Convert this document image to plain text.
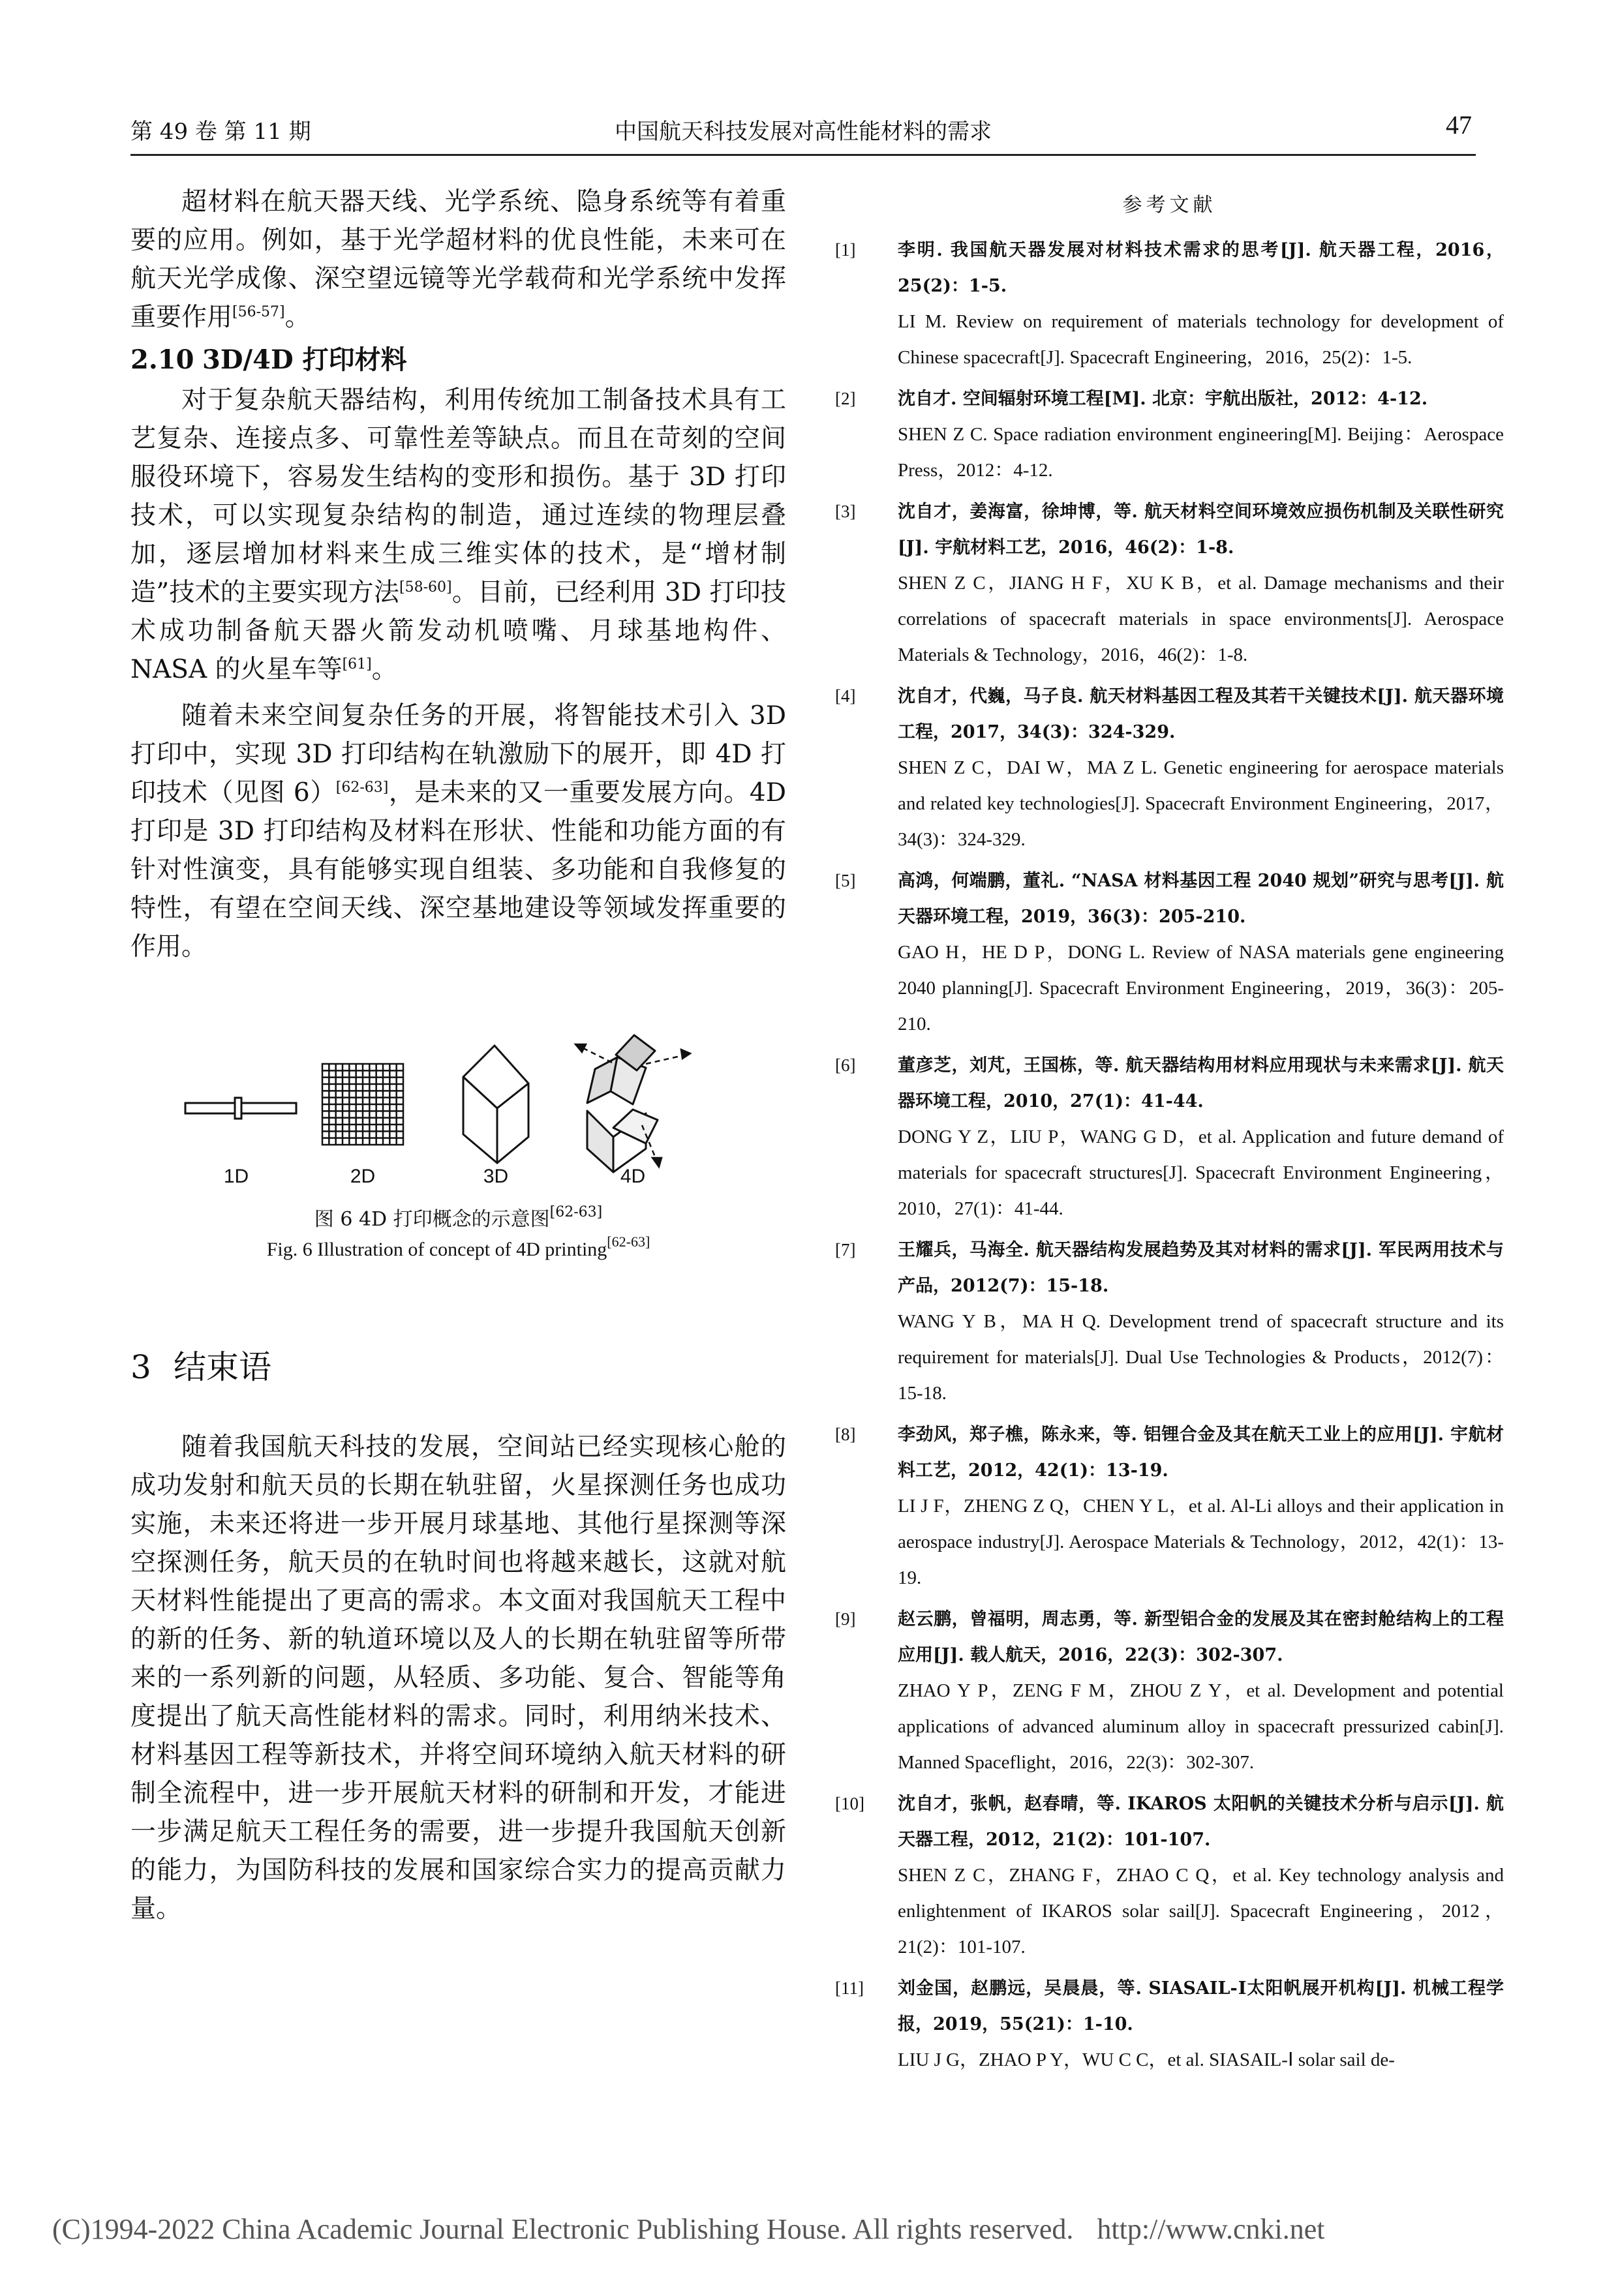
第 49 卷 第 11 期	中国航天科技发展对高性能材料的需求	47

超材料在航天器天线、光学系统、隐身系统等有着重要的应用。例如，基于光学超材料的优良性能，未来可在航天光学成像、深空望远镜等光学载荷和光学系统中发挥重要作用[56-57]。

2.10 3D/4D 打印材料

对于复杂航天器结构，利用传统加工制备技术具有工艺复杂、连接点多、可靠性差等缺点。而且在苛刻的空间服役环境下，容易发生结构的变形和损伤。基于 3D 打印技术，可以实现复杂结构的制造，通过连续的物理层叠加，逐层增加材料来生成三维实体的技术，是“增材制造”技术的主要实现方法[58-60]。目前，已经利用 3D 打印技术成功制备航天器火箭发动机喷嘴、月球基地构件、NASA 的火星车等[61]。

随着未来空间复杂任务的开展，将智能技术引入 3D 打印中，实现 3D 打印结构在轨激励下的展开，即 4D 打印技术（见图 6）[62-63]，是未来的又一重要发展方向。4D 打印是 3D 打印结构及材料在形状、性能和功能方面的有针对性演变，具有能够实现自组装、多功能和自我修复的特性，有望在空间天线、深空基地建设等领域发挥重要的作用。

1D	2D	3D	4D
图 6 4D 打印概念的示意图[62-63]
Fig. 6 Illustration of concept of 4D printing[62-63]

3 结束语

随着我国航天科技的发展，空间站已经实现核心舱的成功发射和航天员的长期在轨驻留，火星探测任务也成功实施，未来还将进一步开展月球基地、其他行星探测等深空探测任务，航天员的在轨时间也将越来越长，这就对航天材料性能提出了更高的需求。本文面对我国航天工程中的新的任务、新的轨道环境以及人的长期在轨驻留等所带来的一系列新的问题，从轻质、多功能、复合、智能等角度提出了航天高性能材料的需求。同时，利用纳米技术、材料基因工程等新技术，并将空间环境纳入航天材料的研制全流程中，进一步开展航天材料的研制和开发，才能进一步满足航天工程任务的需要，进一步提升我国航天创新的能力，为国防科技的发展和国家综合实力的提高贡献力量。

参考文献
[1] 李明. 我国航天器发展对材料技术需求的思考[J]. 航天器工程，2016，25(2)：1-5.
LI M. Review on requirement of materials technology for development of Chinese spacecraft[J]. Spacecraft Engineering，2016，25(2)：1-5.
[2] 沈自才. 空间辐射环境工程[M]. 北京：宇航出版社，2012：4-12.
SHEN Z C. Space radiation environment engineering[M]. Beijing：Aerospace Press，2012：4-12.
[3] 沈自才，姜海富，徐坤博，等. 航天材料空间环境效应损伤机制及关联性研究[J]. 宇航材料工艺，2016，46(2)：1-8.
SHEN Z C，JIANG H F，XU K B，et al. Damage mechanisms and their correlations of spacecraft materials in space environments[J]. Aerospace Materials & Technology，2016，46(2)：1-8.
[4] 沈自才，代巍，马子良. 航天材料基因工程及其若干关键技术[J]. 航天器环境工程，2017，34(3)：324-329.
SHEN Z C，DAI W，MA Z L. Genetic engineering for aerospace materials and related key technologies[J]. Spacecraft Environment Engineering，2017，34(3)：324-329.
[5] 高鸿，何端鹏，董礼. “NASA 材料基因工程 2040 规划”研究与思考[J]. 航天器环境工程，2019，36(3)：205-210.
GAO H，HE D P，DONG L. Review of NASA materials gene engineering 2040 planning[J]. Spacecraft Environment Engineering，2019，36(3)：205-210.
[6] 董彦芝，刘芃，王国栋，等. 航天器结构用材料应用现状与未来需求[J]. 航天器环境工程，2010，27(1)：41-44.
DONG Y Z，LIU P，WANG G D，et al. Application and future demand of materials for spacecraft structures[J]. Spacecraft Environment Engineering，2010，27(1)：41-44.
[7] 王耀兵，马海全. 航天器结构发展趋势及其对材料的需求[J]. 军民两用技术与产品，2012(7)：15-18.
WANG Y B，MA H Q. Development trend of spacecraft structure and its requirement for materials[J]. Dual Use Technologies & Products，2012(7)：15-18.
[8] 李劲风，郑子樵，陈永来，等. 铝锂合金及其在航天工业上的应用[J]. 宇航材料工艺，2012，42(1)：13-19.
LI J F，ZHENG Z Q，CHEN Y L，et al. Al-Li alloys and their application in aerospace industry[J]. Aerospace Materials & Technology，2012，42(1)：13-19.
[9] 赵云鹏，曾福明，周志勇，等. 新型铝合金的发展及其在密封舱结构上的工程应用[J]. 载人航天，2016，22(3)：302-307.
ZHAO Y P，ZENG F M，ZHOU Z Y，et al. Development and potential applications of advanced aluminum alloy in spacecraft pressurized cabin[J]. Manned Spaceflight，2016，22(3)：302-307.
[10] 沈自才，张帆，赵春晴，等. IKAROS 太阳帆的关键技术分析与启示[J]. 航天器工程，2012，21(2)：101-107.
SHEN Z C，ZHANG F，ZHAO C Q，et al. Key technology analysis and enlightenment of IKAROS solar sail[J]. Spacecraft Engineering，2012，21(2)：101-107.
[11] 刘金国，赵鹏远，吴晨晨，等. SIASAIL-Ⅰ太阳帆展开机构[J]. 机械工程学报，2019，55(21)：1-10.
LIU J G，ZHAO P Y，WU C C，et al. SIASAIL-Ⅰ solar sail de-
(C)1994-2022 China Academic Journal Electronic Publishing House. All rights reserved. http://www.cnki.net
